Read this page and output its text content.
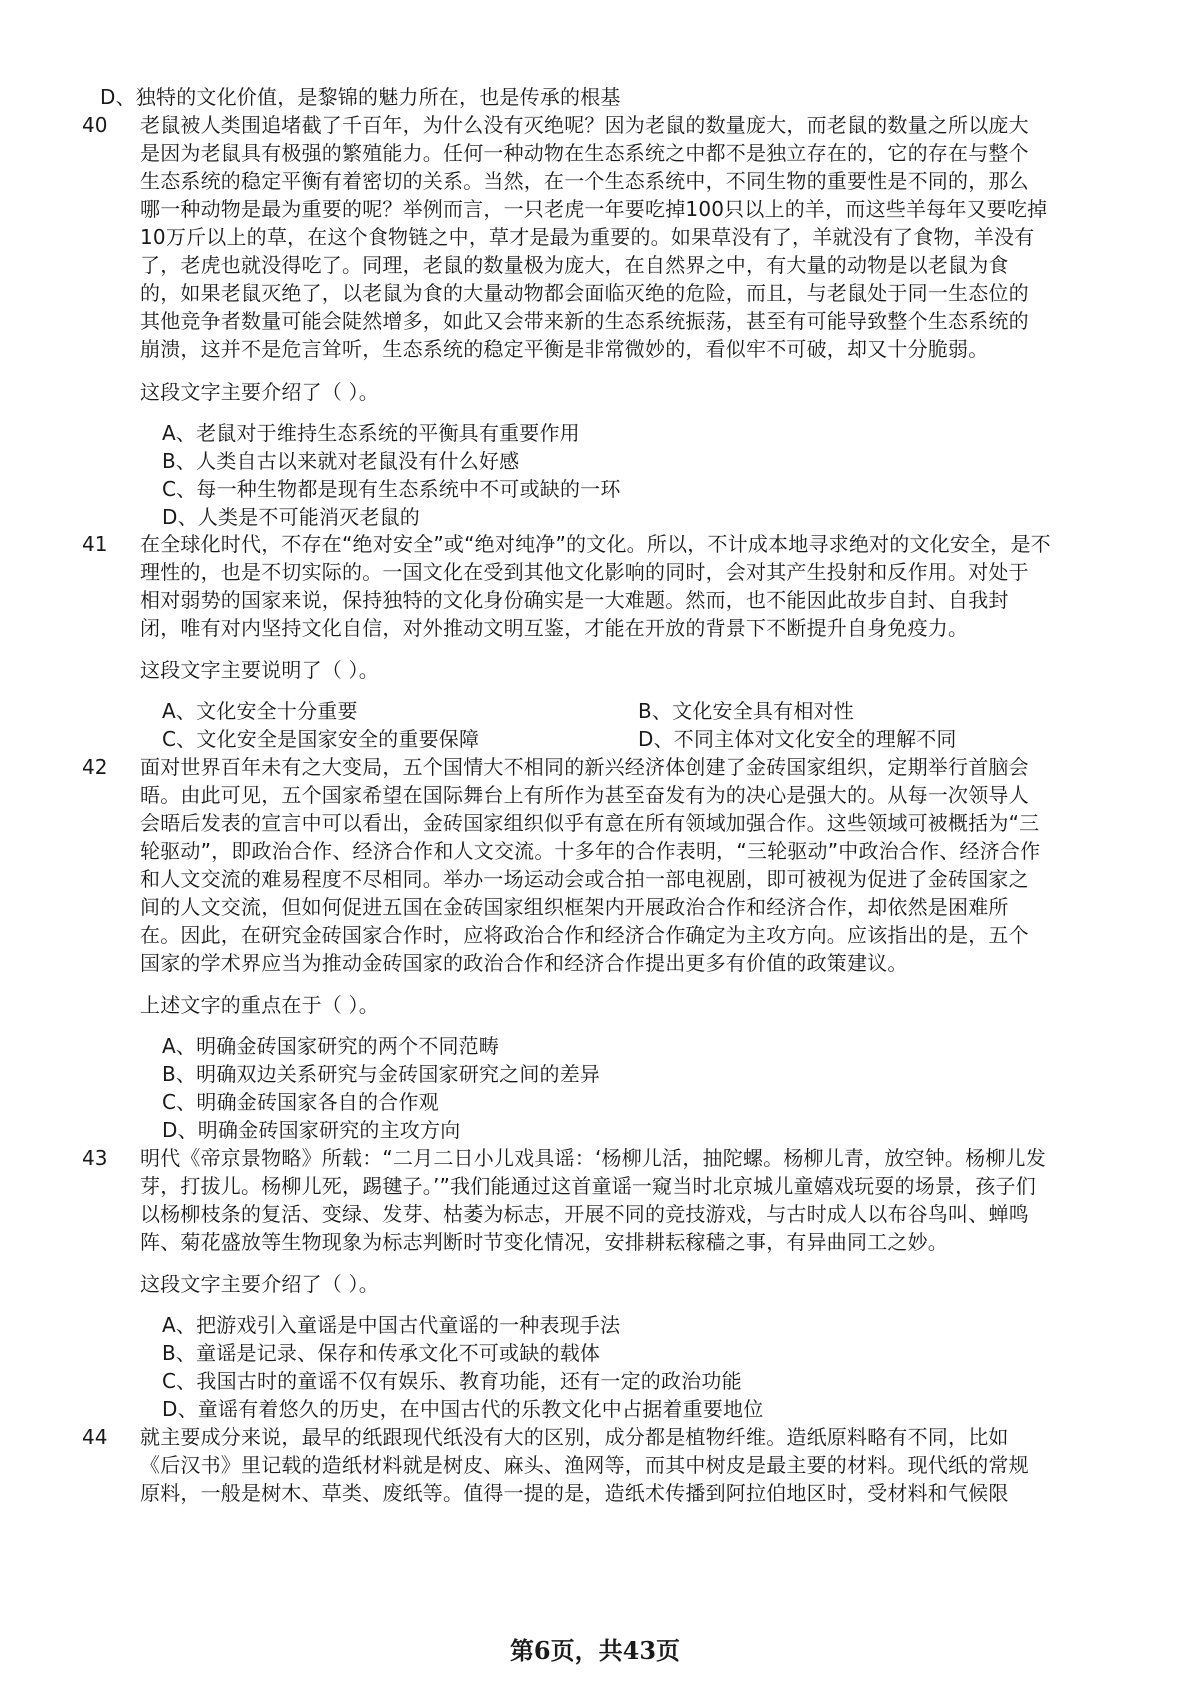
D、独特的文化价值，是黎锦的魅力所在，也是传承的根基
40 老鼠被人类围追堵截了千百年，为什么没有灭绝呢？因为老鼠的数量庞大，而老鼠的数量之所以庞大
是因为老鼠具有极强的繁殖能力。任何一种动物在生态系统之中都不是独立存在的，它的存在与整个
生态系统的稳定平衡有着密切的关系。当然，在一个生态系统中，不同生物的重要性是不同的，那么
哪一种动物是最为重要的呢？举例而言，一只老虎一年要吃掉100只以上的羊，而这些羊每年又要吃掉
10万斤以上的草，在这个食物链之中，草才是最为重要的。如果草没有了，羊就没有了食物，羊没有
了，老虎也就没得吃了。同理，老鼠的数量极为庞大，在自然界之中，有大量的动物是以老鼠为食
的，如果老鼠灭绝了，以老鼠为食的大量动物都会面临灭绝的危险，而且，与老鼠处于同一生态位的
其他竞争者数量可能会陡然增多，如此又会带来新的生态系统振荡，甚至有可能导致整个生态系统的
崩溃，这并不是危言耸听，生态系统的稳定平衡是非常微妙的，看似牢不可破，却又十分脆弱。
这段文字主要介绍了（ ）。
A、老鼠对于维持生态系统的平衡具有重要作用
B、人类自古以来就对老鼠没有什么好感
C、每一种生物都是现有生态系统中不可或缺的一环
D、人类是不可能消灭老鼠的
41 在全球化时代，不存在“绝对安全”或“绝对纯净”的文化。所以，不计成本地寻求绝对的文化安全，是不
理性的，也是不切实际的。一国文化在受到其他文化影响的同时，会对其产生投射和反作用。对处于
相对弱势的国家来说，保持独特的文化身份确实是一大难题。然而，也不能因此故步自封、自我封
闭，唯有对内坚持文化自信，对外推动文明互鉴，才能在开放的背景下不断提升自身免疫力。
这段文字主要说明了（ ）。
A、文化安全十分重要	B、文化安全具有相对性
C、文化安全是国家安全的重要保障	D、不同主体对文化安全的理解不同
42 面对世界百年未有之大变局，五个国情大不相同的新兴经济体创建了金砖国家组织，定期举行首脑会
晤。由此可见，五个国家希望在国际舞台上有所作为甚至奋发有为的决心是强大的。从每一次领导人
会晤后发表的宣言中可以看出，金砖国家组织似乎有意在所有领域加强合作。这些领域可被概括为“三
轮驱动”，即政治合作、经济合作和人文交流。十多年的合作表明，“三轮驱动”中政治合作、经济合作
和人文交流的难易程度不尽相同。举办一场运动会或合拍一部电视剧，即可被视为促进了金砖国家之
间的人文交流，但如何促进五国在金砖国家组织框架内开展政治合作和经济合作，却依然是困难所
在。因此，在研究金砖国家合作时，应将政治合作和经济合作确定为主攻方向。应该指出的是，五个
国家的学术界应当为推动金砖国家的政治合作和经济合作提出更多有价值的政策建议。
上述文字的重点在于（ ）。
A、明确金砖国家研究的两个不同范畴
B、明确双边关系研究与金砖国家研究之间的差异
C、明确金砖国家各自的合作观
D、明确金砖国家研究的主攻方向
43 明代《帝京景物略》所载：“二月二日小儿戏具谣：‘杨柳儿活，抽陀螺。杨柳儿青，放空钟。杨柳儿发
芽，打拔儿。杨柳儿死，踢毽子。’”我们能通过这首童谣一窥当时北京城儿童嬉戏玩耍的场景，孩子们
以杨柳枝条的复活、变绿、发芽、枯萎为标志，开展不同的竞技游戏，与古时成人以布谷鸟叫、蝉鸣
阵、菊花盛放等生物现象为标志判断时节变化情况，安排耕耘稼穑之事，有异曲同工之妙。
这段文字主要介绍了（ ）。
A、把游戏引入童谣是中国古代童谣的一种表现手法
B、童谣是记录、保存和传承文化不可或缺的载体
C、我国古时的童谣不仅有娱乐、教育功能，还有一定的政治功能
D、童谣有着悠久的历史，在中国古代的乐教文化中占据着重要地位
44 就主要成分来说，最早的纸跟现代纸没有大的区别，成分都是植物纤维。造纸原料略有不同，比如
《后汉书》里记载的造纸材料就是树皮、麻头、渔网等，而其中树皮是最主要的材料。现代纸的常规
原料，一般是树木、草类、废纸等。值得一提的是，造纸术传播到阿拉伯地区时，受材料和气候限
第6页，共43页
